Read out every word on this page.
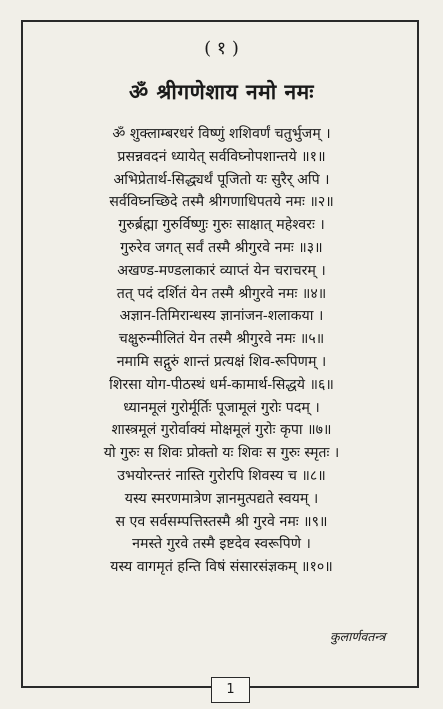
( १ )
ॐ श्रीगणेशाय नमो नमः
ॐ शुक्लाम्बरधरं विष्णुं शशिवर्णं चतुर्भुजम् ।
प्रसन्नवदनं ध्यायेत् सर्वविघ्नोपशान्तये ॥१॥
अभिप्रेतार्थ-सिद्ध्यर्थं पूजितो यः सुरैर् अपि ।
सर्वविघ्नच्छिदे तस्मै श्रीगणाधिपतये नमः ॥२॥
गुरुर्ब्रह्मा गुरुर्विष्णुः गुरुः साक्षात् महेश्वरः ।
गुरुरेव जगत् सर्वं तस्मै श्रीगुरवे नमः ॥३॥
अखण्ड-मण्डलाकारं व्याप्तं येन चराचरम् ।
तत् पदं दर्शितं येन तस्मै श्रीगुरवे नमः ॥४॥
अज्ञान-तिमिरान्धस्य ज्ञानांजन-शलाकया ।
चक्षुरुन्मीलितं येन तस्मै श्रीगुरवे नमः ॥५॥
नमामि सद्गुरुं शान्तं प्रत्यक्षं शिव-रूपिणम् ।
शिरसा योग-पीठस्थं धर्म-कामार्थ-सिद्धये ॥६॥
ध्यानमूलं गुरोर्मूर्तिः पूजामूलं गुरोः पदम् ।
शास्त्रमूलं गुरोर्वाक्यं मोक्षमूलं गुरोः कृपा ॥७॥
यो गुरुः स शिवः प्रोक्तो यः शिवः स गुरुः स्मृतः ।
उभयोरन्तरं नास्ति गुरोरपि शिवस्य च ॥८॥
यस्य स्मरणमात्रेण ज्ञानमुत्पद्यते स्वयम् ।
स एव सर्वसम्पत्तिस्तस्मै श्री गुरवे नमः ॥९॥
नमस्ते गुरवे तस्मै इष्टदेव स्वरूपिणे ।
यस्य वागमृतं हन्ति विषं संसारसंज्ञकम् ॥१०॥
कुलार्णवतन्त्र
1
